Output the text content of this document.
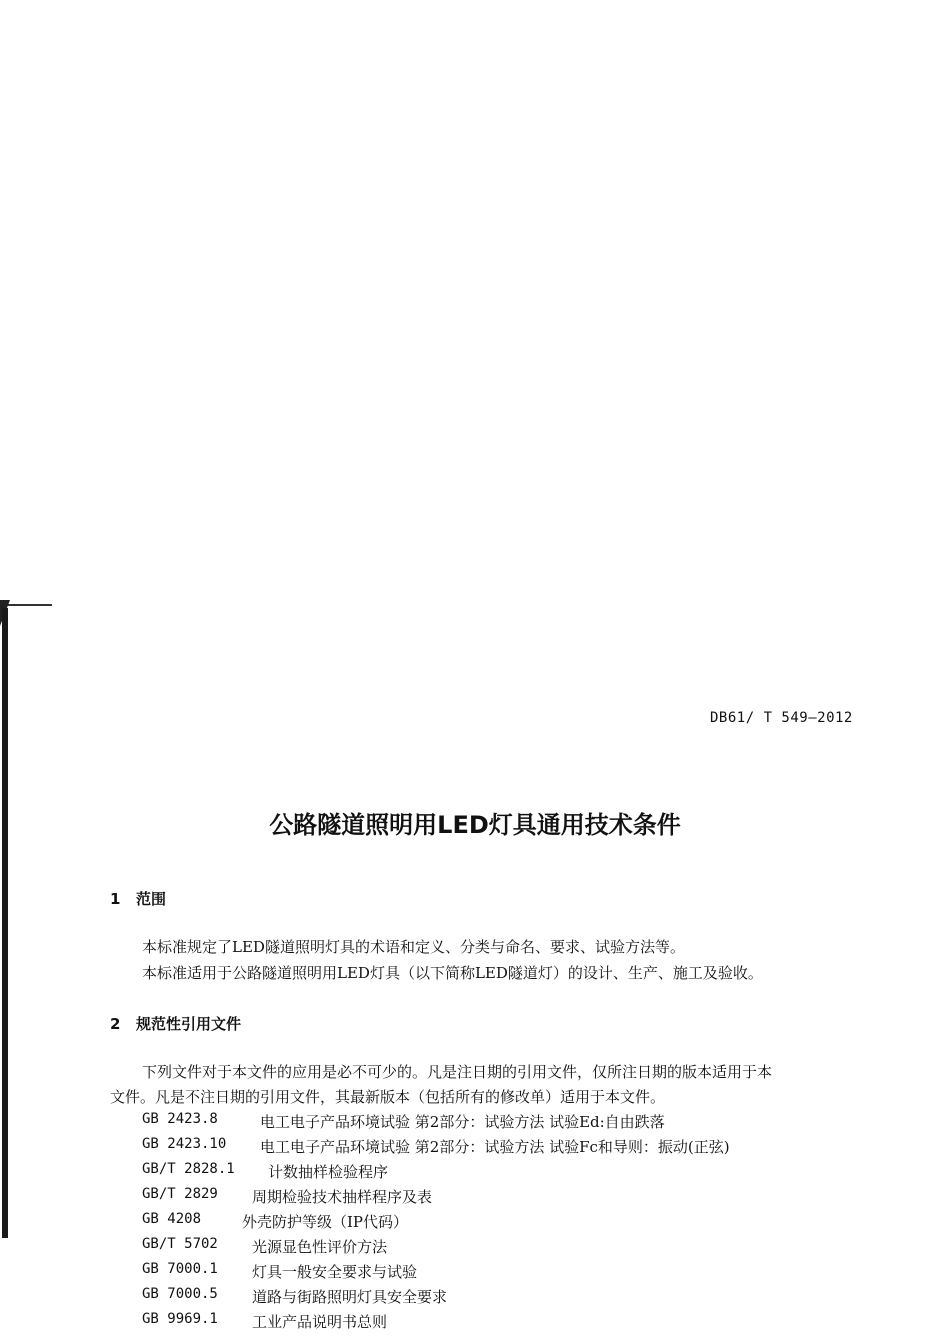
DB61/ T 549—2012
公路隧道照明用LED灯具通用技术条件
1 范围
本标准规定了LED隧道照明灯具的术语和定义、分类与命名、要求、试验方法等。
本标准适用于公路隧道照明用LED灯具（以下简称LED隧道灯）的设计、生产、施工及验收。
2 规范性引用文件
下列文件对于本文件的应用是必不可少的。凡是注日期的引用文件，仅所注日期的版本适用于本
文件。凡是不注日期的引用文件，其最新版本（包括所有的修改单）适用于本文件。
GB 2423.8	电工电子产品环境试验 第2部分：试验方法 试验Ed:自由跌落
GB 2423.10 电工电子产品环境试验 第2部分：试验方法 试验Fc和导则：振动(正弦)
GB/T 2828.1 计数抽样检验程序
GB/T 2829 周期检验技术抽样程序及表
GB 4208	外壳防护等级（IP代码）
GB/T 5702 光源显色性评价方法
GB 7000.1 灯具一般安全要求与试验
GB 7000.5 道路与街路照明灯具安全要求
GB 9969.1 工业产品说明书总则
